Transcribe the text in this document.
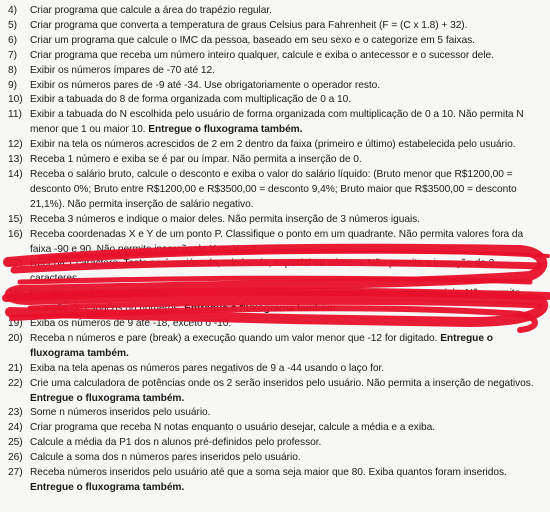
4)	Criar programa que calcule a área do trapézio regular.
5)	Criar programa que converta a temperatura de graus Celsius para Fahrenheit (F = (C x 1.8) + 32).
6)	Criar um programa que calcule o IMC da pessoa, baseado em seu sexo e o categorize em 5 faixas.
7)	Criar programa que receba um número inteiro qualquer, calcule e exiba o antecessor e o sucessor dele.
8)	Exibir os números ímpares de -70 até 12.
9)	Exibir os números pares de -9 até -34. Use obrigatoriamente o operador resto.
10) Exibir a tabuada do 8 de forma organizada com multiplicação de 0 a 10.
11) Exibir a tabuada do N escolhida pelo usuário de forma organizada com multiplicação de 0 a 10. Não permita N menor que 1 ou maior 10. Entregue o fluxograma também.
12) Exibir na tela os números acrescidos de 2 em 2 dentro da faixa (primeiro e último) estabelecida pelo usuário.
13) Receba 1 número e exiba se é par ou ímpar. Não permita a inserção de 0.
14) Receba o salário bruto, calcule o desconto e exiba o valor do salário líquido: (Bruto menor que R$1200,00 = desconto 0%; Bruto entre R$1200,00 e R$3500,00 = desconto 9,4%; Bruto maior que R$3500,00 = desconto 21,1%). Não permita inserção de salário negativo.
15) Receba 3 números e indique o maior deles. Não permita inserção de 3 números iguais.
16) Receba coordenadas X e Y de um ponto P. Classifique o ponto em um quadrante. Não permita valores fora da faixa -90 e 90. Não permita inserção de X ou Y = 0.
17) Receba 1 caractere. Teste se é maiúscula, minúscula, especial ou número. Não permita a inserção de 2 caracteres.
18) Receba uma frase e exiba a quantidade de vogais, consoantes, números e caracteres especiais. Não permita inserção de espaços ou números. Entregue o fluxograma também.
19) Exiba os números de 9 até -18, exceto o -10.
20) Receba n números e pare (break) a execução quando um valor menor que -12 for digitado. Entregue o fluxograma também.
21) Exiba na tela apenas os números pares negativos de 9 a -44 usando o laço for.
22) Crie uma calculadora de potências onde os 2 serão inseridos pelo usuário. Não permita a inserção de negativos. Entregue o fluxograma também.
23) Some n números inseridos pelo usuário.
24) Criar programa que receba N notas enquanto o usuário desejar, calcule a média e a exiba.
25) Calcule a média da P1 dos n alunos pré-definidos pelo professor.
26) Calcule a soma dos n números pares inseridos pelo usuário.
27) Receba números inseridos pelo usuário até que a soma seja maior que 80. Exiba quantos foram inseridos. Entregue o fluxograma também.
